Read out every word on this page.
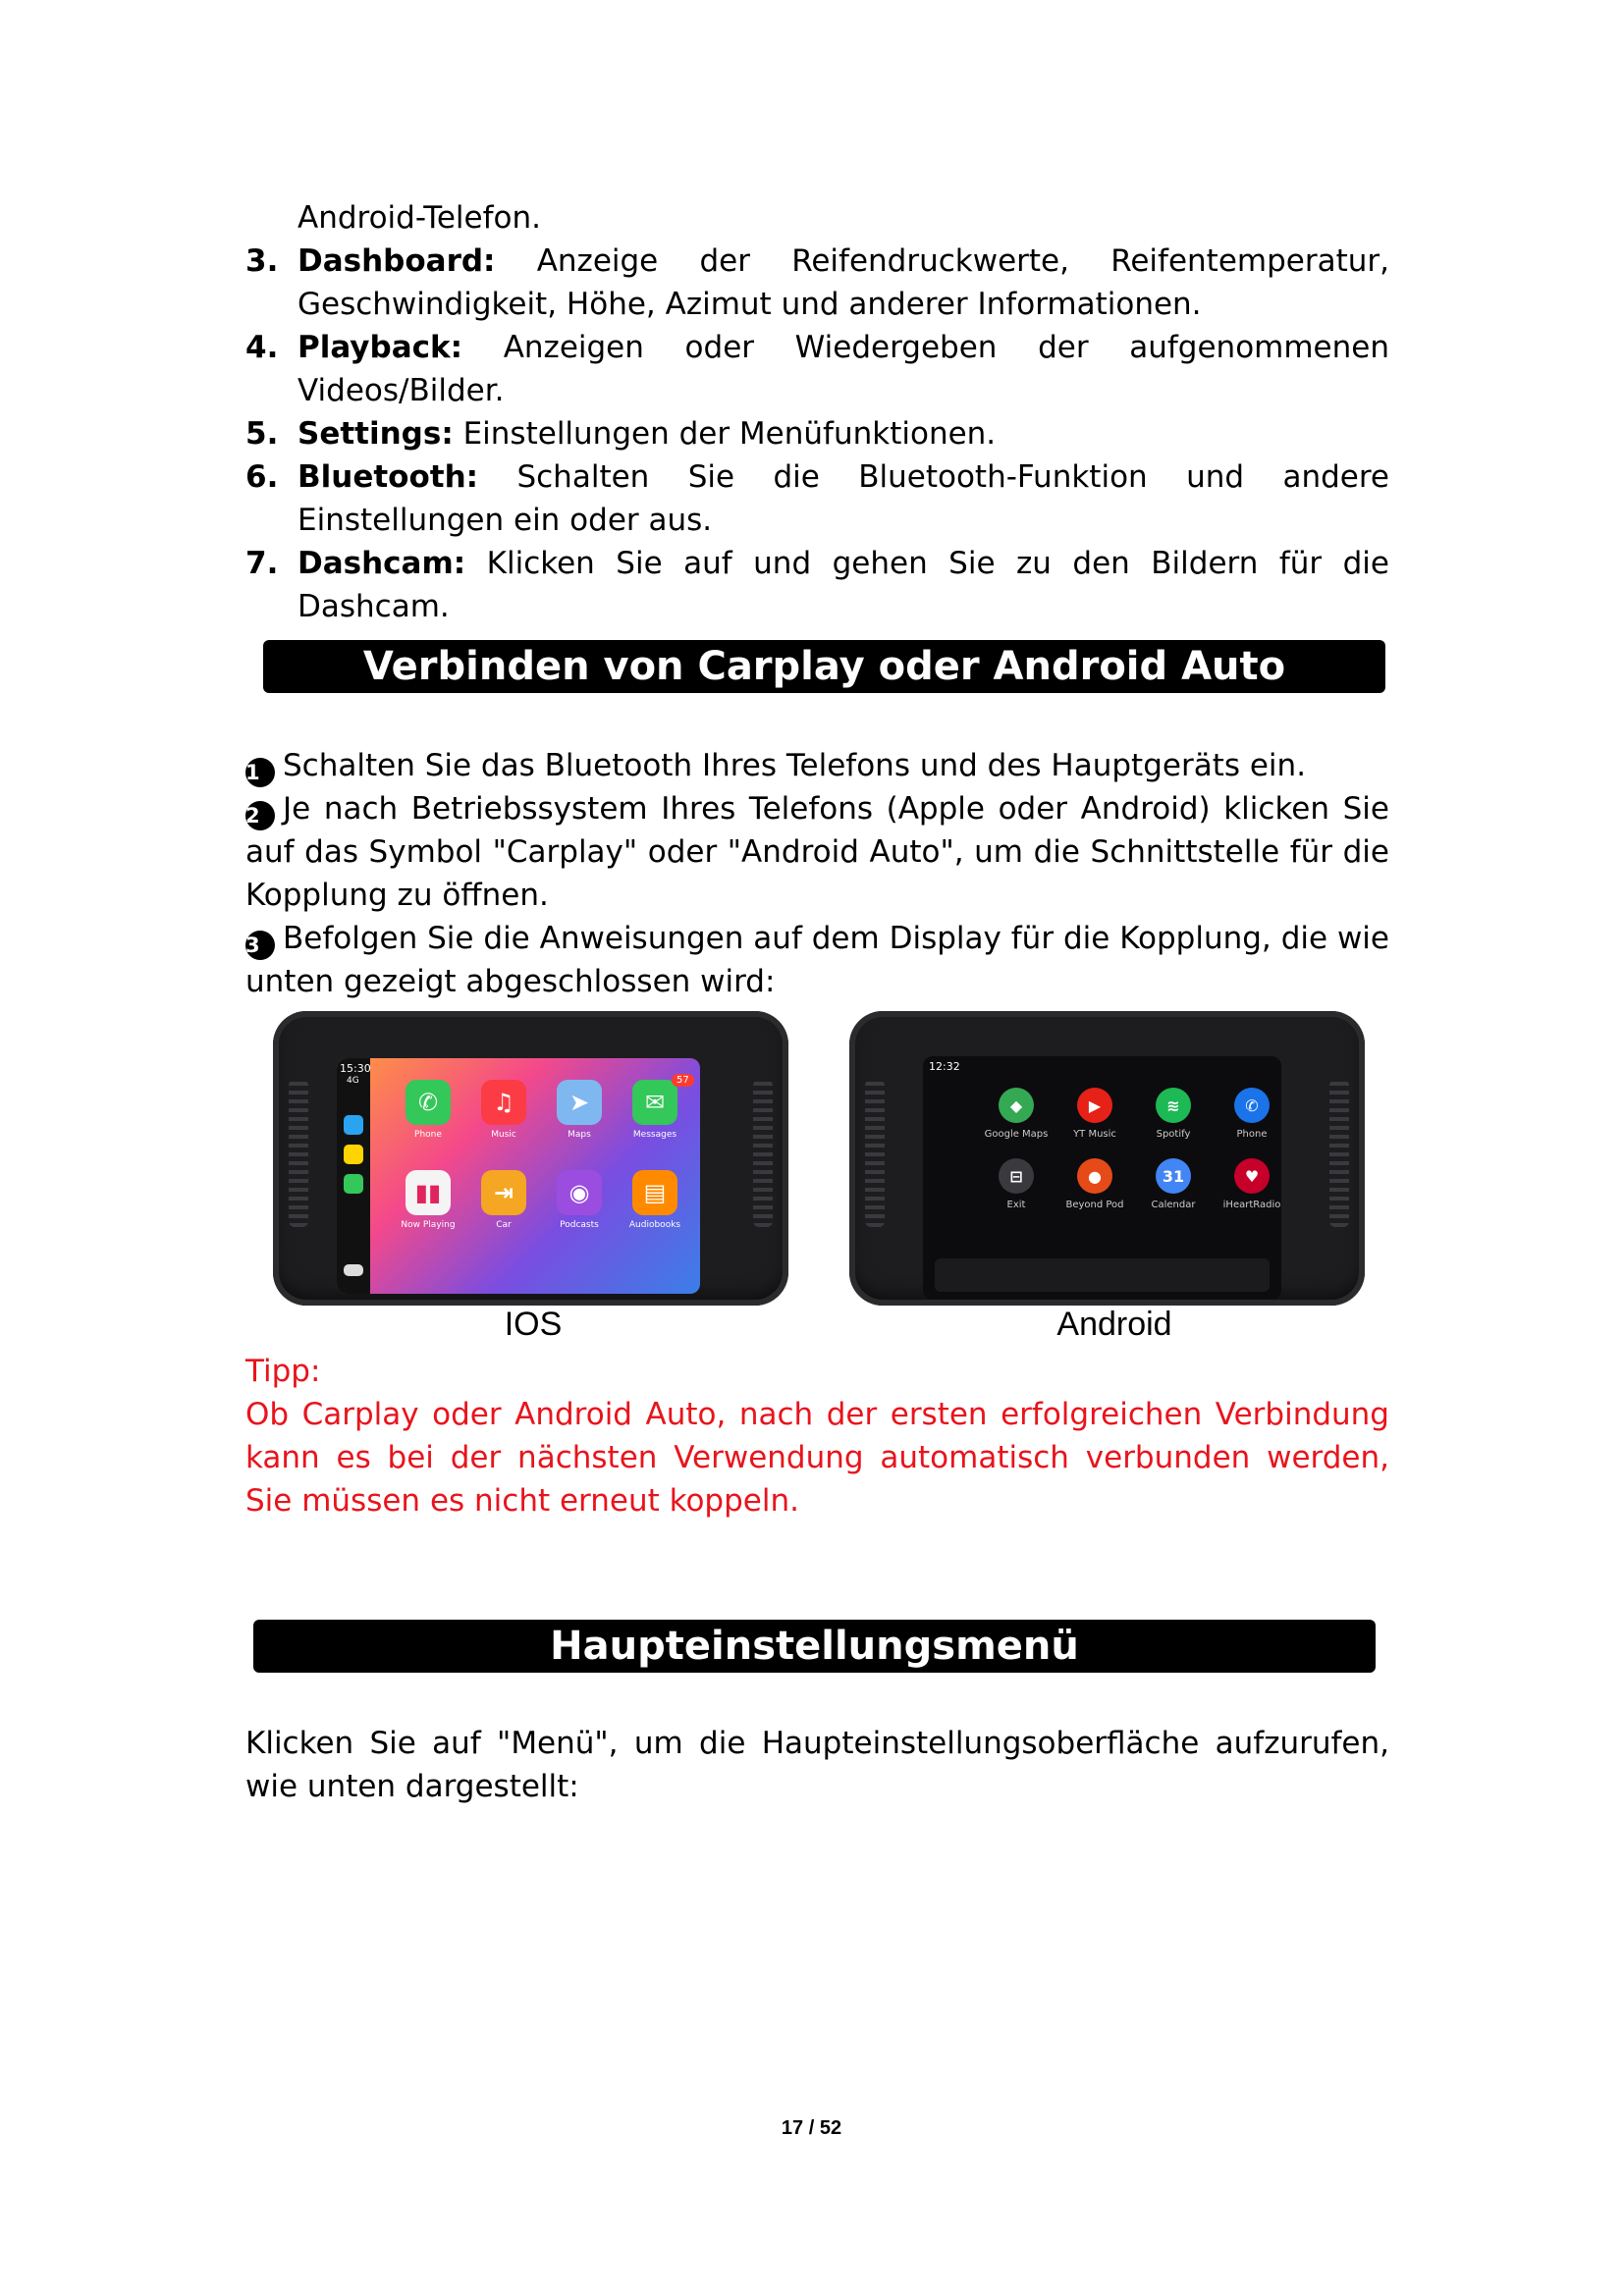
Android-Telefon.
3. Dashboard: Anzeige der Reifendruckwerte, Reifentemperatur, Geschwindigkeit, Höhe, Azimut und anderer Informationen.
4. Playback: Anzeigen oder Wiedergeben der aufgenommenen Videos/Bilder.
5. Settings: Einstellungen der Menüfunktionen.
6. Bluetooth: Schalten Sie die Bluetooth-Funktion und andere Einstellungen ein oder aus.
7. Dashcam: Klicken Sie auf und gehen Sie zu den Bildern für die Dashcam.
Verbinden von Carplay oder Android Auto

1 Schalten Sie das Bluetooth Ihres Telefons und des Hauptgeräts ein.

2 Je nach Betriebssystem Ihres Telefons (Apple oder Android) klicken Sie auf das Symbol "Carplay" oder "Android Auto", um die Schnittstelle für die Kopplung zu öffnen.

3 Befolgen Sie die Anweisungen auf dem Display für die Kopplung, die wie unten gezeigt abgeschlossen wird:

15:30
4G
✆
Phone
♫
Music
➤
Maps
✉
Messages
▮▮
Now Playing
⇥
Car
◉
Podcasts
▤
Audiobooks
57
IOS
12:32
◆
Google Maps
▶
YT Music
≋
Spotify
✆
Phone
⊟
Exit
●
Beyond Pod
31
Calendar
♥
iHeartRadio
Android

Tipp:

Ob Carplay oder Android Auto, nach der ersten erfolgreichen Verbindung kann es bei der nächsten Verwendung automatisch verbunden werden, Sie müssen es nicht erneut koppeln.

Haupteinstellungsmenü

Klicken Sie auf "Menü", um die Haupteinstellungsoberfläche aufzurufen, wie unten dargestellt:

17 / 52
